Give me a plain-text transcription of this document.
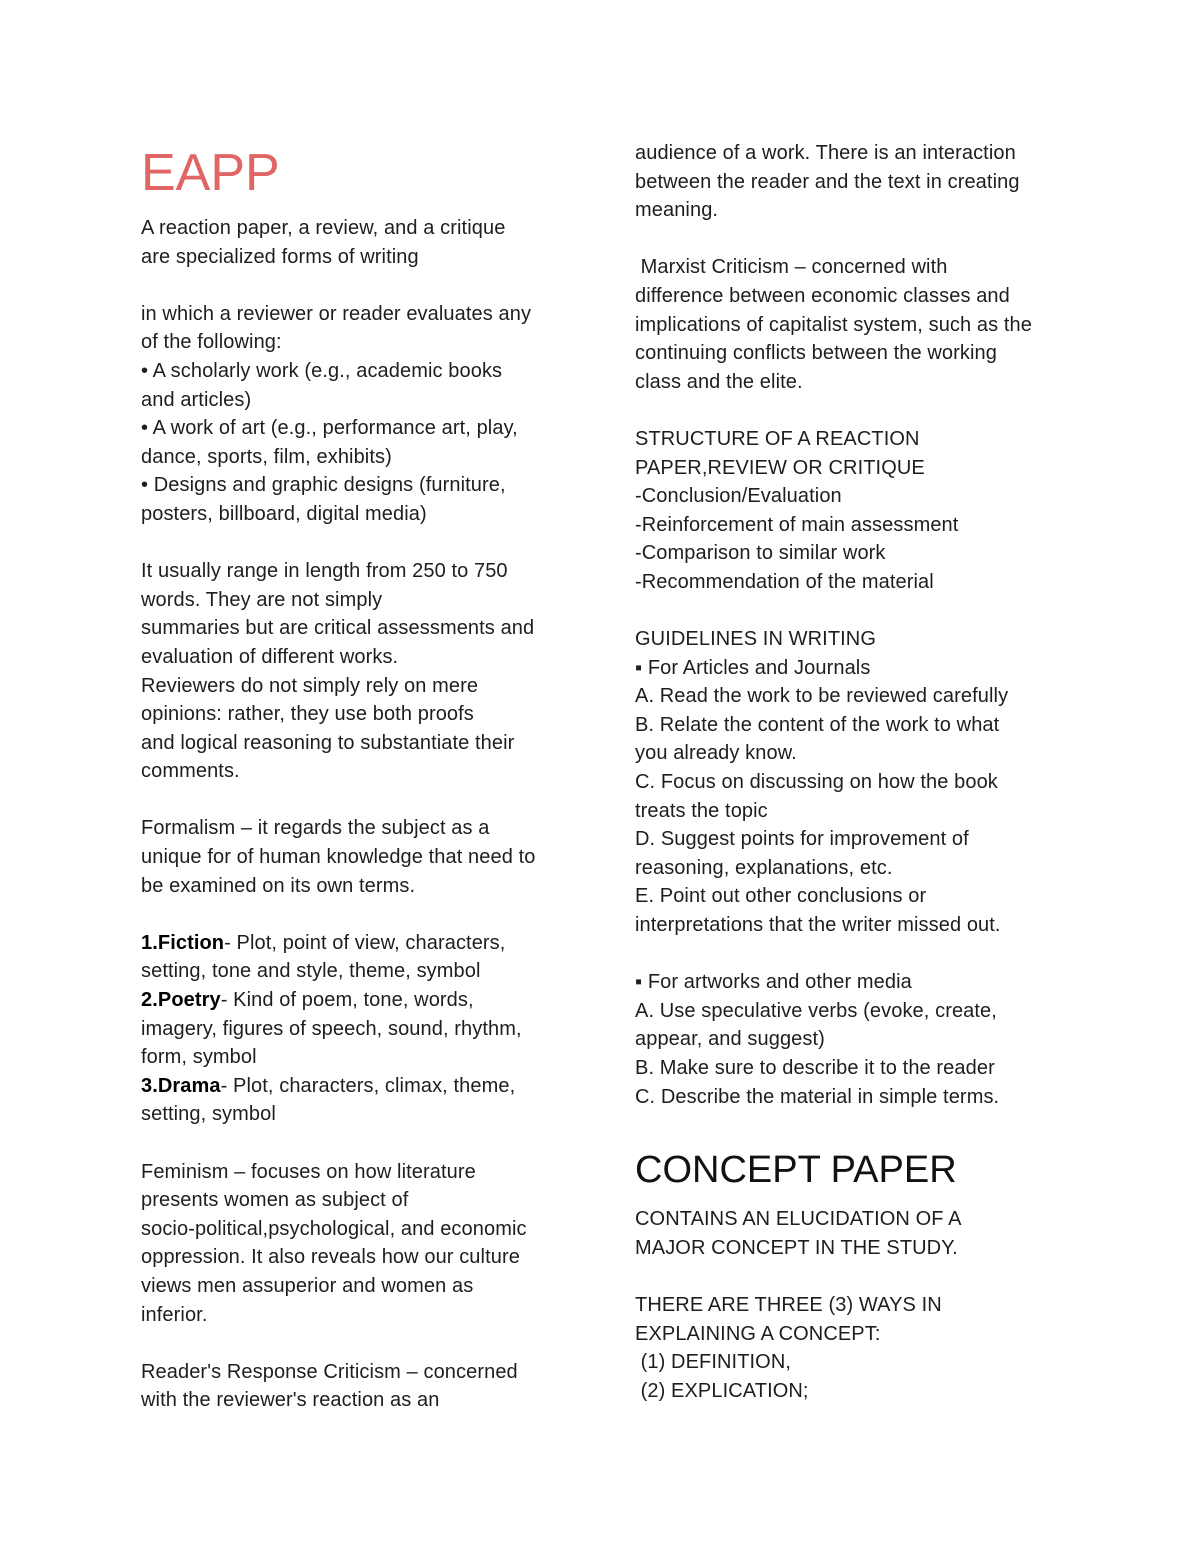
EAPP
A reaction paper, a review, and a critique
are specialized forms of writing
in which a reviewer or reader evaluates any
of the following:
• A scholarly work (e.g., academic books
and articles)
• A work of art (e.g., performance art, play,
dance, sports, film, exhibits)
• Designs and graphic designs (furniture,
posters, billboard, digital media)
It usually range in length from 250 to 750
words. They are not simply
summaries but are critical assessments and
evaluation of different works.
Reviewers do not simply rely on mere
opinions: rather, they use both proofs
and logical reasoning to substantiate their
comments.
Formalism – it regards the subject as a
unique for of human knowledge that need to
be examined on its own terms.
1.Fiction- Plot, point of view, characters,
setting, tone and style, theme, symbol
2.Poetry- Kind of poem, tone, words,
imagery, figures of speech, sound, rhythm,
form, symbol
3.Drama- Plot, characters, climax, theme,
setting, symbol
Feminism – focuses on how literature
presents women as subject of
socio-political,psychological, and economic
oppression. It also reveals how our culture
views men assuperior and women as
inferior.
Reader's Response Criticism – concerned
with the reviewer's reaction as an
audience of a work. There is an interaction
between the reader and the text in creating
meaning.
Marxist Criticism – concerned with
difference between economic classes and
implications of capitalist system, such as the
continuing conflicts between the working
class and the elite.
STRUCTURE OF A REACTION
PAPER,REVIEW OR CRITIQUE
-Conclusion/Evaluation
-Reinforcement of main assessment
-Comparison to similar work
-Recommendation of the material
GUIDELINES IN WRITING
▪ For Articles and Journals
A. Read the work to be reviewed carefully
B. Relate the content of the work to what
you already know.
C. Focus on discussing on how the book
treats the topic
D. Suggest points for improvement of
reasoning, explanations, etc.
E. Point out other conclusions or
interpretations that the writer missed out.
▪ For artworks and other media
A. Use speculative verbs (evoke, create,
appear, and suggest)
B. Make sure to describe it to the reader
C. Describe the material in simple terms.
CONCEPT PAPER
CONTAINS AN ELUCIDATION OF A
MAJOR CONCEPT IN THE STUDY.
THERE ARE THREE (3) WAYS IN
EXPLAINING A CONCEPT:
(1) DEFINITION,
(2) EXPLICATION;
